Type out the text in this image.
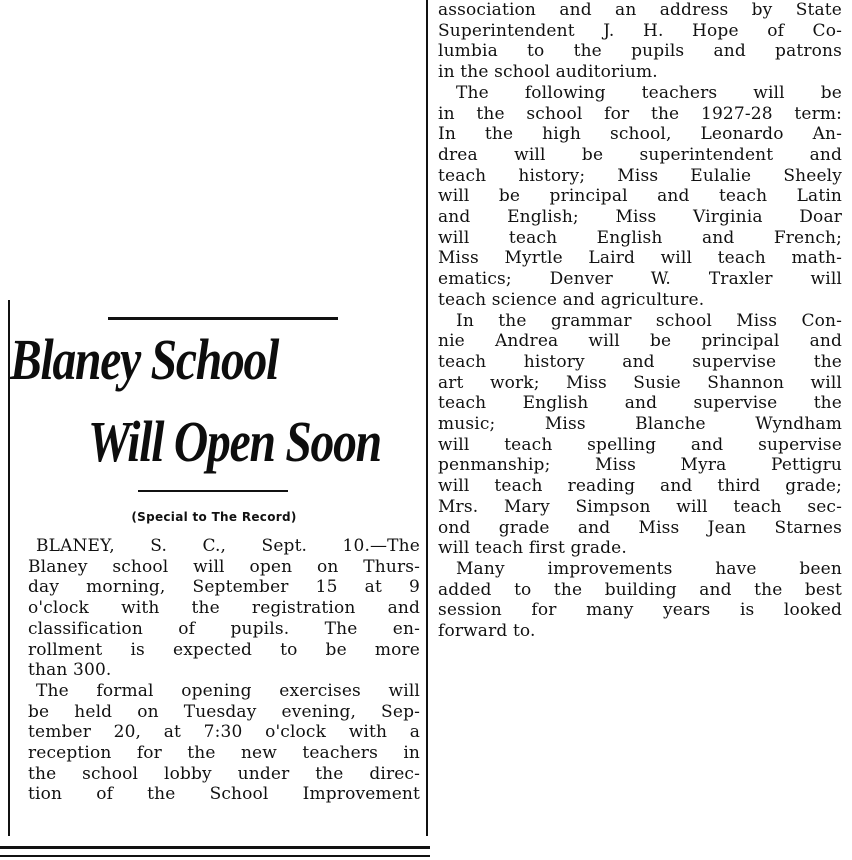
Blaney School
Will Open Soon
(Special to The Record)
BLANEY, S. C., Sept. 10.—The
Blaney school will open on Thurs-
day morning, September 15 at 9
o'clock with the registration and
classification of pupils. The en-
rollment is expected to be more
than 300.
The formal opening exercises will
be held on Tuesday evening, Sep-
tember 20, at 7:30 o'clock with a
reception for the new teachers in
the school lobby under the direc-
tion of the School Improvement
association and an address by State
Superintendent J. H. Hope of Co-
lumbia to the pupils and patrons
in the school auditorium.
The following teachers will be
in the school for the 1927-28 term:
In the high school, Leonardo An-
drea will be superintendent and
teach history; Miss Eulalie Sheely
will be principal and teach Latin
and English; Miss Virginia Doar
will teach English and French;
Miss Myrtle Laird will teach math-
ematics; Denver W. Traxler will
teach science and agriculture.
In the grammar school Miss Con-
nie Andrea will be principal and
teach history and supervise the
art work; Miss Susie Shannon will
teach English and supervise the
music; Miss Blanche Wyndham
will teach spelling and supervise
penmanship; Miss Myra Pettigru
will teach reading and third grade;
Mrs. Mary Simpson will teach sec-
ond grade and Miss Jean Starnes
will teach first grade.
Many improvements have been
added to the building and the best
session for many years is looked
forward to.
